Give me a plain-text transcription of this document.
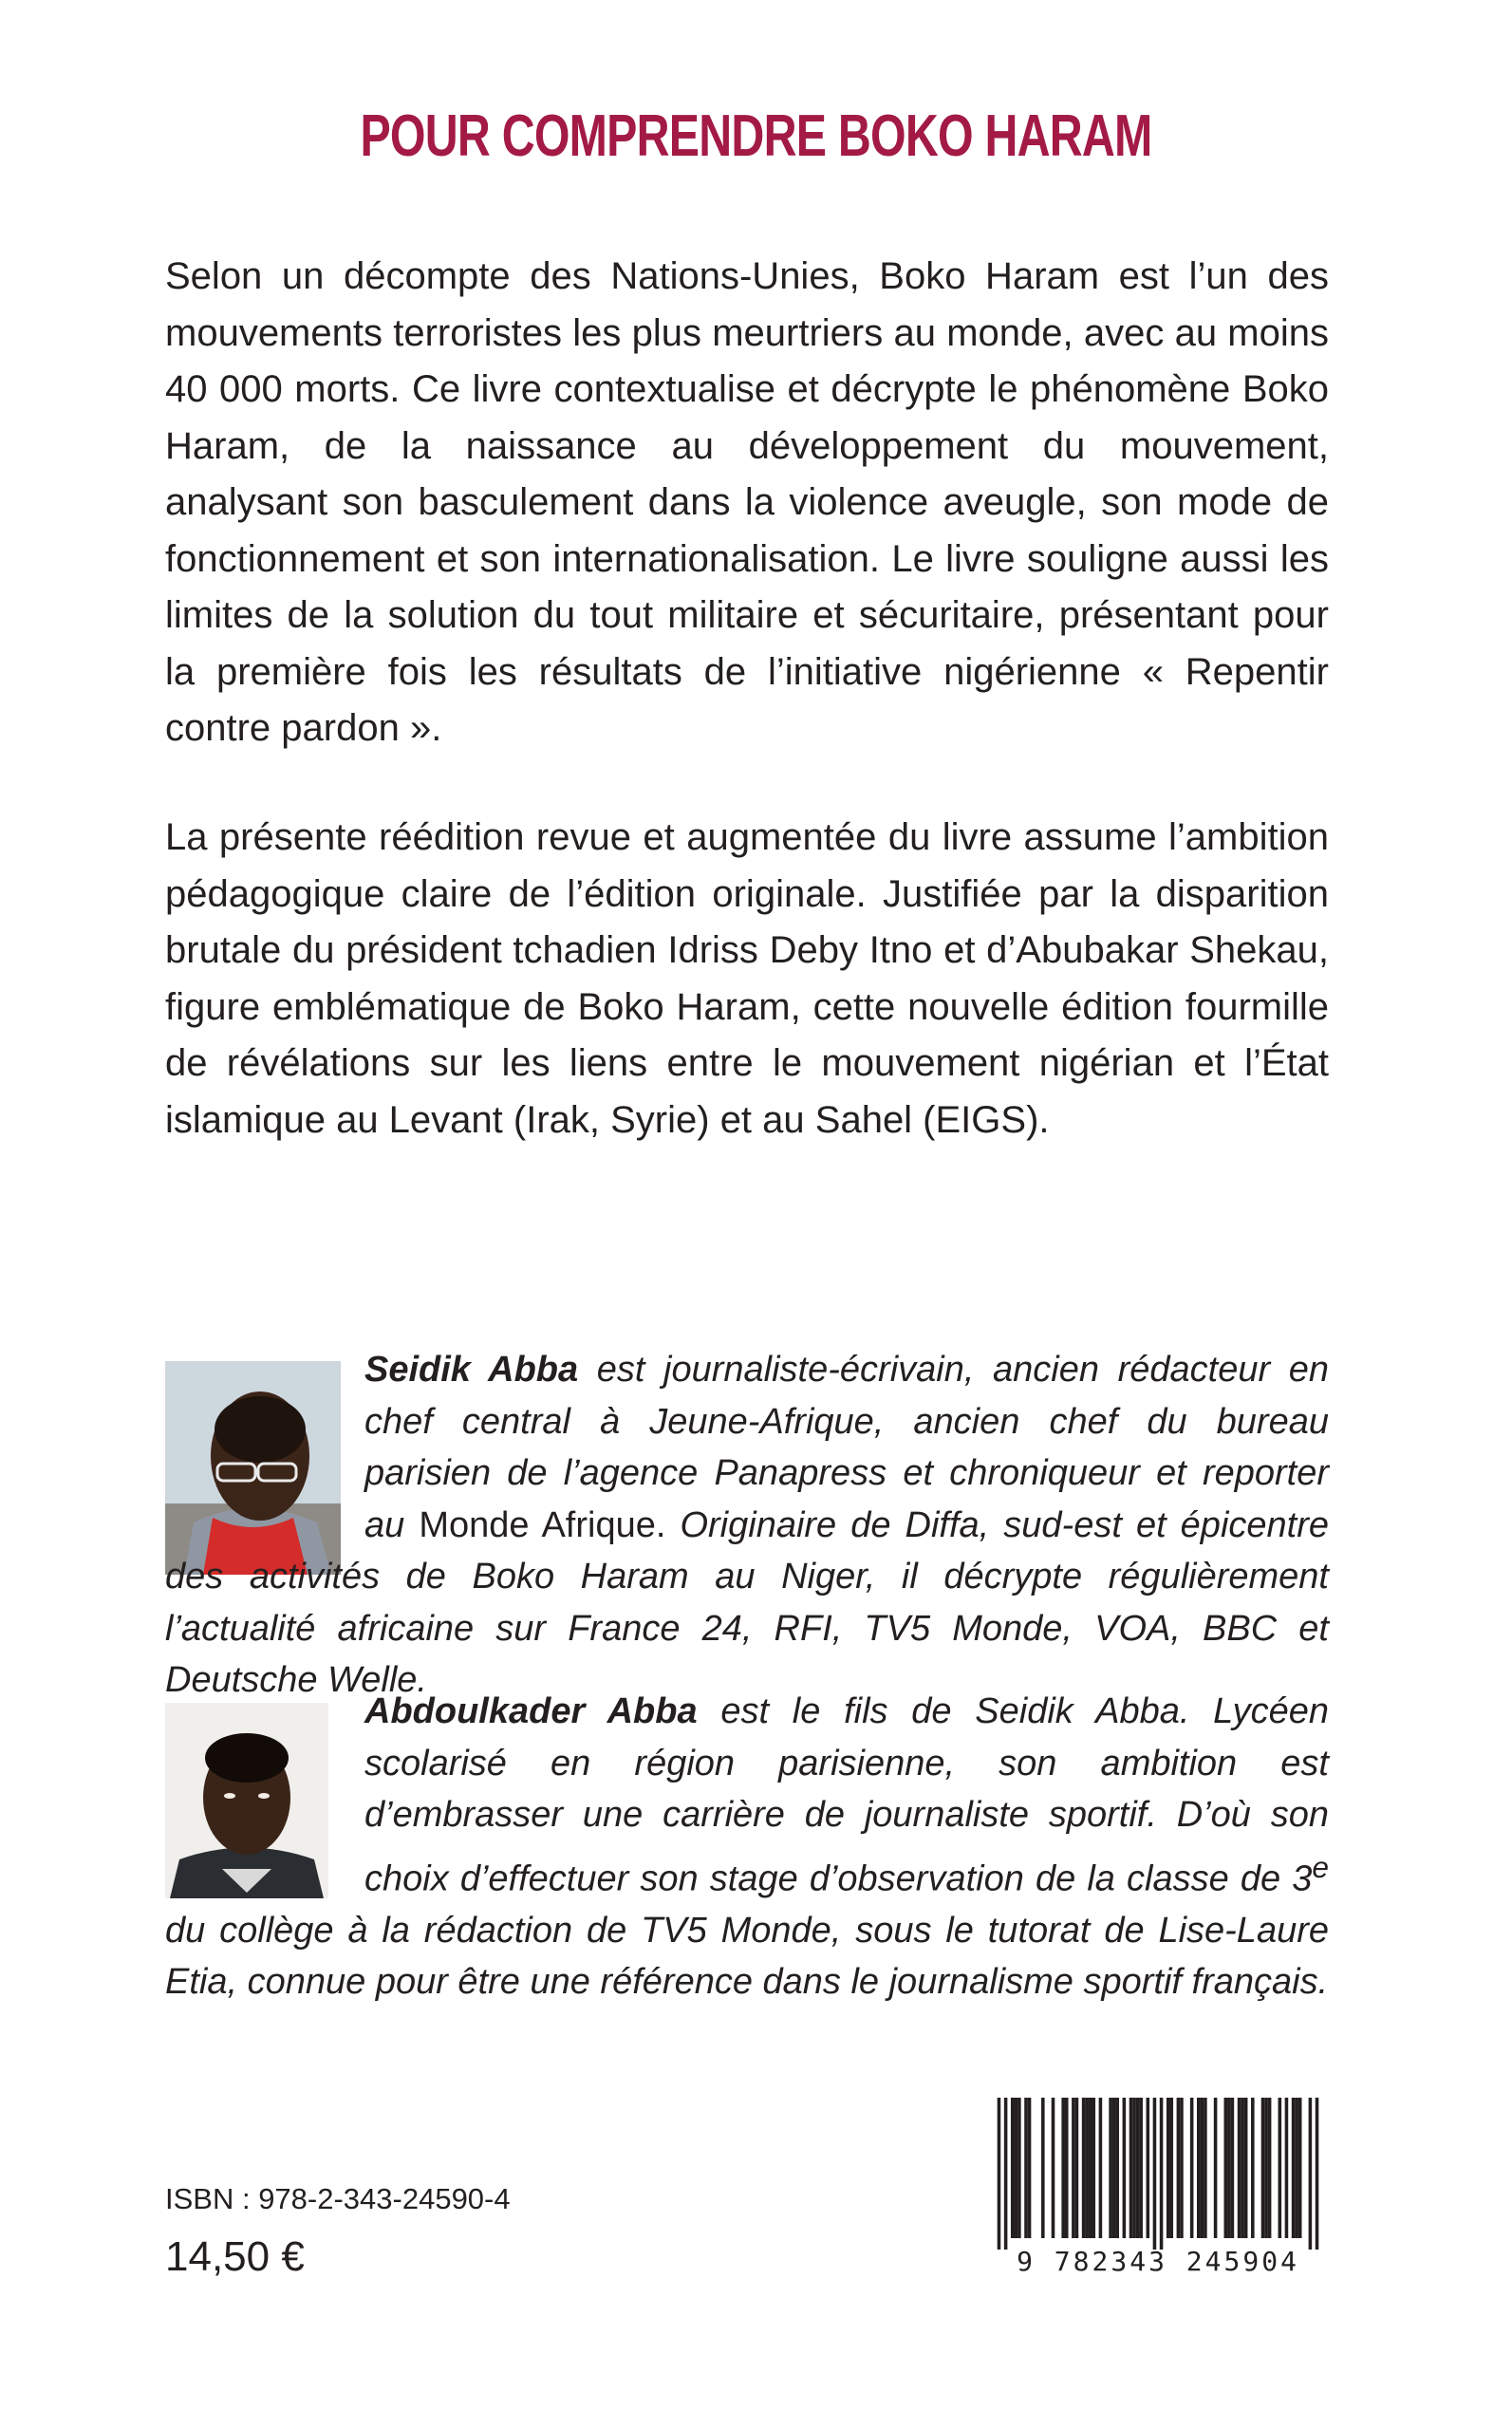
POUR COMPRENDRE BOKO HARAM

Selon un décompte des Nations-Unies, Boko Haram est l’un des mouvements terroristes les plus meurtriers au monde, avec au moins 40 000 morts. Ce livre contextualise et décrypte le phénomène Boko Haram, de la naissance au développement du mouvement, analysant son basculement dans la violence aveugle, son mode de fonctionnement et son internationalisation. Le livre souligne aussi les limites de la solution du tout militaire et sécuritaire, présentant pour la première fois les résultats de l’initiative nigérienne « Repentir contre pardon ».

La présente réédition revue et augmentée du livre assume l’ambition pédagogique claire de l’édition originale. Justifiée par la disparition brutale du président tchadien Idriss Deby Itno et d’Abubakar Shekau, figure emblématique de Boko Haram, cette nouvelle édition fourmille de révélations sur les liens entre le mouvement nigérian et l’État islamique au Levant (Irak, Syrie) et au Sahel (EIGS).

Seidik Abba est journaliste-écrivain, ancien rédacteur en chef central à Jeune-Afrique, ancien chef du bureau parisien de l’agence Panapress et chroniqueur et reporter au Monde Afrique. Originaire de Diffa, sud-est et épicentre des activités de Boko Haram au Niger, il décrypte régulièrement l’actualité africaine sur France 24, RFI, TV5 Monde, VOA, BBC et Deutsche Welle.

Abdoulkader Abba est le fils de Seidik Abba. Lycéen scolarisé en région parisienne, son ambition est d’embrasser une carrière de journaliste sportif. D’où son choix d’effectuer son stage d’observation de la classe de 3e du collège à la rédaction de TV5 Monde, sous le tutorat de Lise-Laure Etia, connue pour être une référence dans le journalisme sportif français.

ISBN : 978-2-343-24590-4

14,50 €	9 782343 245904
